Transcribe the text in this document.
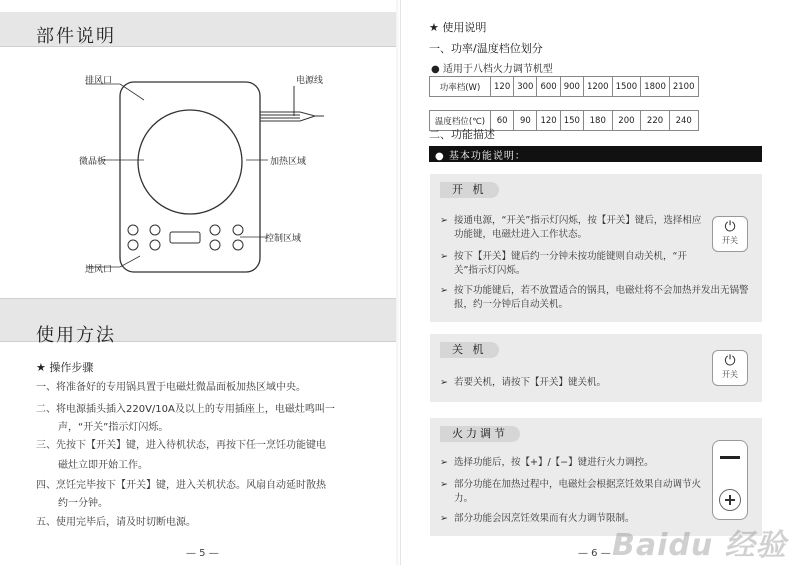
部件说明
排风口	电源线
微晶板	加热区域
控制区域
进风口
使用方法
★ 操作步骤
一、将准备好的专用锅具置于电磁灶微晶面板加热区域中央。
二、将电源插头插入220V/10A及以上的专用插座上，电磁灶鸣叫一
声，“开关”指示灯闪烁。
三、先按下【开关】键，进入待机状态，再按下任一烹饪功能键电
磁灶立即开始工作。
四、烹饪完毕按下【开关】键，进入关机状态。风扇自动延时散热
约一分钟。
五、使用完毕后，请及时切断电源。
— 5 —
★ 使用说明
一、功率/温度档位划分
● 适用于八档火力调节机型
功率档(W)	120	300	600	900	1200	1500	1800	2100

温度档位(℃)	60	90	120	150	180	200	220	240
二、功能描述
● 基本功能说明：
开 机
➢ 接通电源，“开关”指示灯闪烁，按【开关】键后，选择相应功能键，电磁灶进入工作状态。
➢ 按下【开关】键后约一分钟未按功能键则自动关机，“开关”指示灯闪烁。
➢ 按下功能键后，若不放置适合的锅具，电磁灶将不会加热并发出无锅警报，约一分钟后自动关机。
⏻
开关
关 机
➢ 若要关机，请按下【开关】键关机。
⏻
开关
火力调节
➢ 选择功能后，按【+】/【−】键进行火力调控。
➢ 部分功能在加热过程中，电磁灶会根据烹饪效果自动调节火力。
➢ 部分功能会因烹饪效果而有火力调节限制。
— 6 — Baidu 经验
